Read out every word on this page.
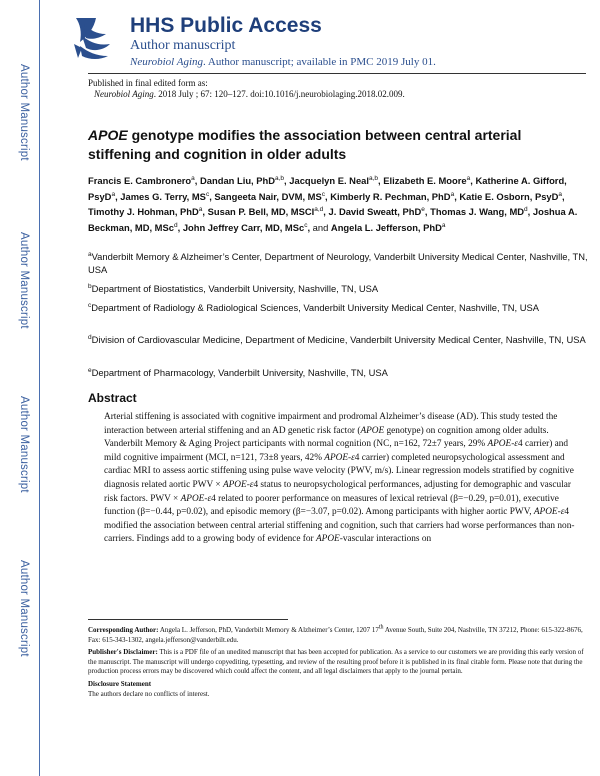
Author Manuscript
Author Manuscript
Author Manuscript
Author Manuscript
HHS Public Access
Author manuscript
Neurobiol Aging. Author manuscript; available in PMC 2019 July 01.
Published in final edited form as:
Neurobiol Aging. 2018 July ; 67: 120–127. doi:10.1016/j.neurobiolaging.2018.02.009.
APOE genotype modifies the association between central arterial stiffening and cognition in older adults
Francis E. Cambronero$^a$, Dandan Liu, PhD$^{a,b}$, Jacquelyn E. Neal$^{a,b}$, Elizabeth E. Moore$^a$, Katherine A. Gifford, PsyD$^a$, James G. Terry, $MS^c$, Sangeeta Nair, DVM, $MS^c$, Kimberly R. Pechman, PhD$^a$, Katie E. Osborn, PsyD$^a$, Timothy J. Hohman, PhD$^a$, Susan P. Bell, MD, MSCI$^{a,d}$, J. David Sweatt, PhD$^e$, Thomas J. Wang, $MD^d$, Joshua A. Beckman, MD, MSc$^d$, John Jeffrey Carr, MD, MSc$^c$, and Angela L. Jefferson, PhD$^a$
$^a$Vanderbilt Memory & Alzheimer’s Center, Department of Neurology, Vanderbilt University Medical Center, Nashville, TN, USA
$^b$Department of Biostatistics, Vanderbilt University, Nashville, TN, USA
$^c$Department of Radiology & Radiological Sciences, Vanderbilt University Medical Center, Nashville, TN, USA
$^d$Division of Cardiovascular Medicine, Department of Medicine, Vanderbilt University Medical Center, Nashville, TN, USA
$^e$Department of Pharmacology, Vanderbilt University, Nashville, TN, USA
Abstract
Arterial stiffening is associated with cognitive impairment and prodromal Alzheimer’s disease (AD). This study tested the interaction between arterial stiffening and an AD genetic risk factor (APOE genotype) on cognition among older adults. Vanderbilt Memory & Aging Project participants with normal cognition (NC, n=162, 72±7 years, 29% APOE-ε4 carrier) and mild cognitive impairment (MCI, n=121, 73±8 years, 42% APOE-ε4 carrier) completed neuropsychological assessment and cardiac MRI to assess aortic stiffening using pulse wave velocity (PWV, m/s). Linear regression models stratified by cognitive diagnosis related aortic PWV × APOE-ε4 status to neuropsychological performances, adjusting for demographic and vascular risk factors. PWV × APOE-ε4 related to poorer performance on measures of lexical retrieval (β=−0.29, p=0.01), executive function (β=−0.44, p=0.02), and episodic memory (β=−3.07, p=0.02). Among participants with higher aortic PWV, APOE-ε4 modified the association between central arterial stiffening and cognition, such that carriers had worse performances than non-carriers. Findings add to a growing body of evidence for APOE-vascular interactions on
Corresponding Author: Angela L. Jefferson, PhD, Vanderbilt Memory & Alzheimer’s Center, 1207 17th Avenue South, Suite 204, Nashville, TN 37212, Phone: 615-322-8676, Fax: 615-343-1302, angela.jefferson@vanderbilt.edu.
Publisher's Disclaimer: This is a PDF file of an unedited manuscript that has been accepted for publication. As a service to our customers we are providing this early version of the manuscript. The manuscript will undergo copyediting, typesetting, and review of the resulting proof before it is published in its final citable form. Please note that during the production process errors may be discovered which could affect the content, and all legal disclaimers that apply to the journal pertain.
Disclosure Statement
The authors declare no conflicts of interest.
